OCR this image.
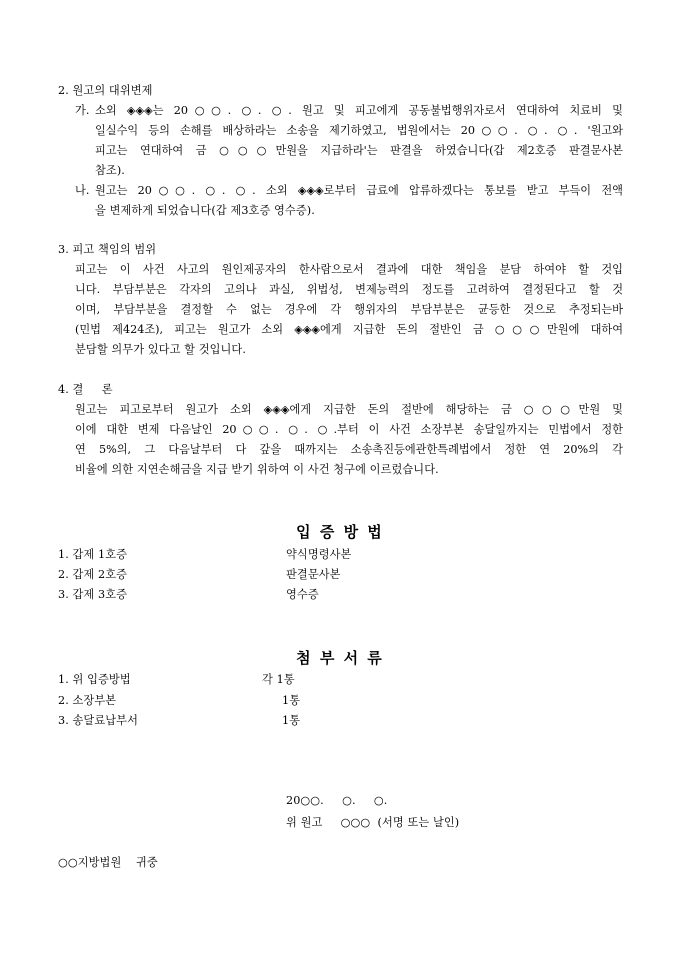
2. 원고의 대위변제
가. 소외 ◈◈◈는 20○○. ○. ○. 원고 및 피고에게 공동불법행위자로서 연대하여 치료비 및
일실수익 등의 손해를 배상하라는 소송을 제기하였고, 법원에서는 20○○. ○. ○. '원고와
피고는 연대하여 금 ○○○만원을 지급하라'는 판결을 하였습니다(갑 제2호증 판결문사본
참조).
나. 원고는 20○○. ○. ○. 소외 ◈◈◈로부터 급료에 압류하겠다는 통보를 받고 부득이 전액
을 변제하게 되었습니다(갑 제3호증 영수증).
3. 피고 책임의 범위
피고는 이 사건 사고의 원인제공자의 한사람으로서 결과에 대한 책임을 분담 하여야 할 것입
니다. 부담부분은 각자의 고의나 과실, 위법성, 변제능력의 정도를 고려하여 결정된다고 할 것
이며, 부담부분을 결정할 수 없는 경우에 각 행위자의 부담부분은 균등한 것으로 추정되는바
(민법 제424조), 피고는 원고가 소외 ◈◈◈에게 지급한 돈의 절반인 금 ○○○만원에 대하여
분담할 의무가 있다고 할 것입니다.
4. 결     론
원고는 피고로부터 원고가 소외 ◈◈◈에게 지급한 돈의 절반에 해당하는 금 ○○○만원 및
이에 대한 변제 다음날인 20○○. ○. ○.부터 이 사건 소장부본 송달일까지는 민법에서 정한
연 5%의, 그 다음날부터 다 갚을 때까지는 소송촉진등에관한특례법에서 정한 연 20%의 각
비율에 의한 지연손해금을 지급 받기 위하여 이 사건 청구에 이르렀습니다.
입 증 방 법
1. 갑제 1호증	약식명령사본
2. 갑제 2호증	판결문사본
3. 갑제 3호증	영수증
첨 부 서 류
1. 위 입증방법	각 1통
2. 소장부본	1통
3. 송달료납부서	1통
20○○.     ○.     ○.
위 원고     ○○○  (서명 또는 날인)
○○지방법원    귀중
